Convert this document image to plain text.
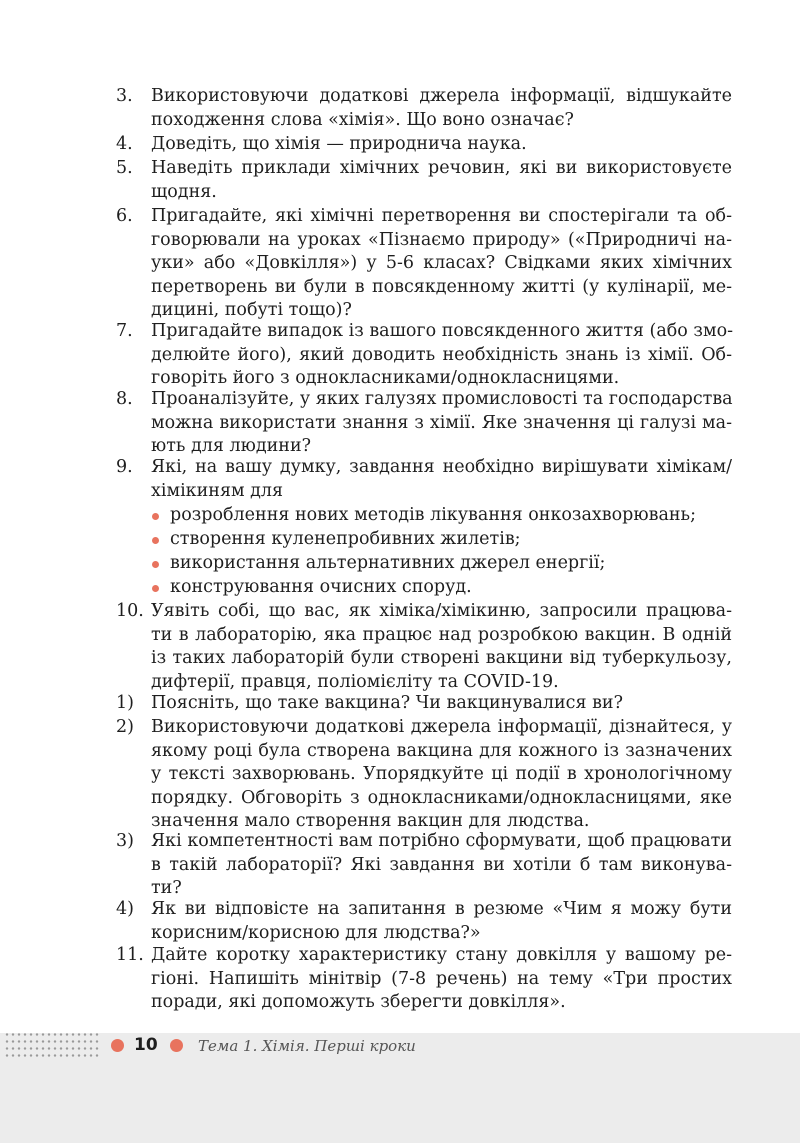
3. Використовуючи додаткові джерела інформації, відшукайте
походження слова «хімія». Що воно означає?
4. Доведіть, що хімія — природнича наука.
5. Наведіть приклади хімічних речовин, які ви використовуєте
щодня.
6. Пригадайте, які хімічні перетворення ви спостерігали та об-
говорювали на уроках «Пізнаємо природу» («Природничі на-
уки» або «Довкілля») у 5-6 класах? Свідками яких хімічних
перетворень ви були в повсякденному житті (у кулінарії, ме-
дицині, побуті тощо)?
7. Пригадайте випадок із вашого повсякденного життя (або змо-
делюйте його), який доводить необхідність знань із хімії. Об-
говоріть його з однокласниками/однокласницями.
8. Проаналізуйте, у яких галузях промисловості та господарства
можна використати знання з хімії. Яке значення ці галузі ма-
ють для людини?
9. Які, на вашу думку, завдання необхідно вирішувати хімікам/
хімікиням для
розроблення нових методів лікування онкозахворювань;
створення куленепробивних жилетів;
використання альтернативних джерел енергії;
конструювання очисних споруд.
10. Уявіть собі, що вас, як хіміка/хімікиню, запросили працюва-
ти в лабораторію, яка працює над розробкою вакцин. В одній
із таких лабораторій були створені вакцини від туберкульозу,
дифтерії, правця, поліомієліту та COVID-19.
1) Поясніть, що таке вакцина? Чи вакцинувалися ви?
2) Використовуючи додаткові джерела інформації, дізнайтеся, у
якому році була створена вакцина для кожного із зазначених
у тексті захворювань. Упорядкуйте ці події в хронологічному
порядку. Обговоріть з однокласниками/однокласницями, яке
значення мало створення вакцин для людства.
3) Які компетентності вам потрібно сформувати, щоб працювати
в такій лабораторії? Які завдання ви хотіли б там виконува-
ти?
4) Як ви відповісте на запитання в резюме «Чим я можу бути
корисним/корисною для людства?»
11. Дайте коротку характеристику стану довкілля у вашому ре-
гіоні. Напишіть мінітвір (7-8 речень) на тему «Три простих
поради, які допоможуть зберегти довкілля».
10	Тема 1. Хімія. Перші кроки
